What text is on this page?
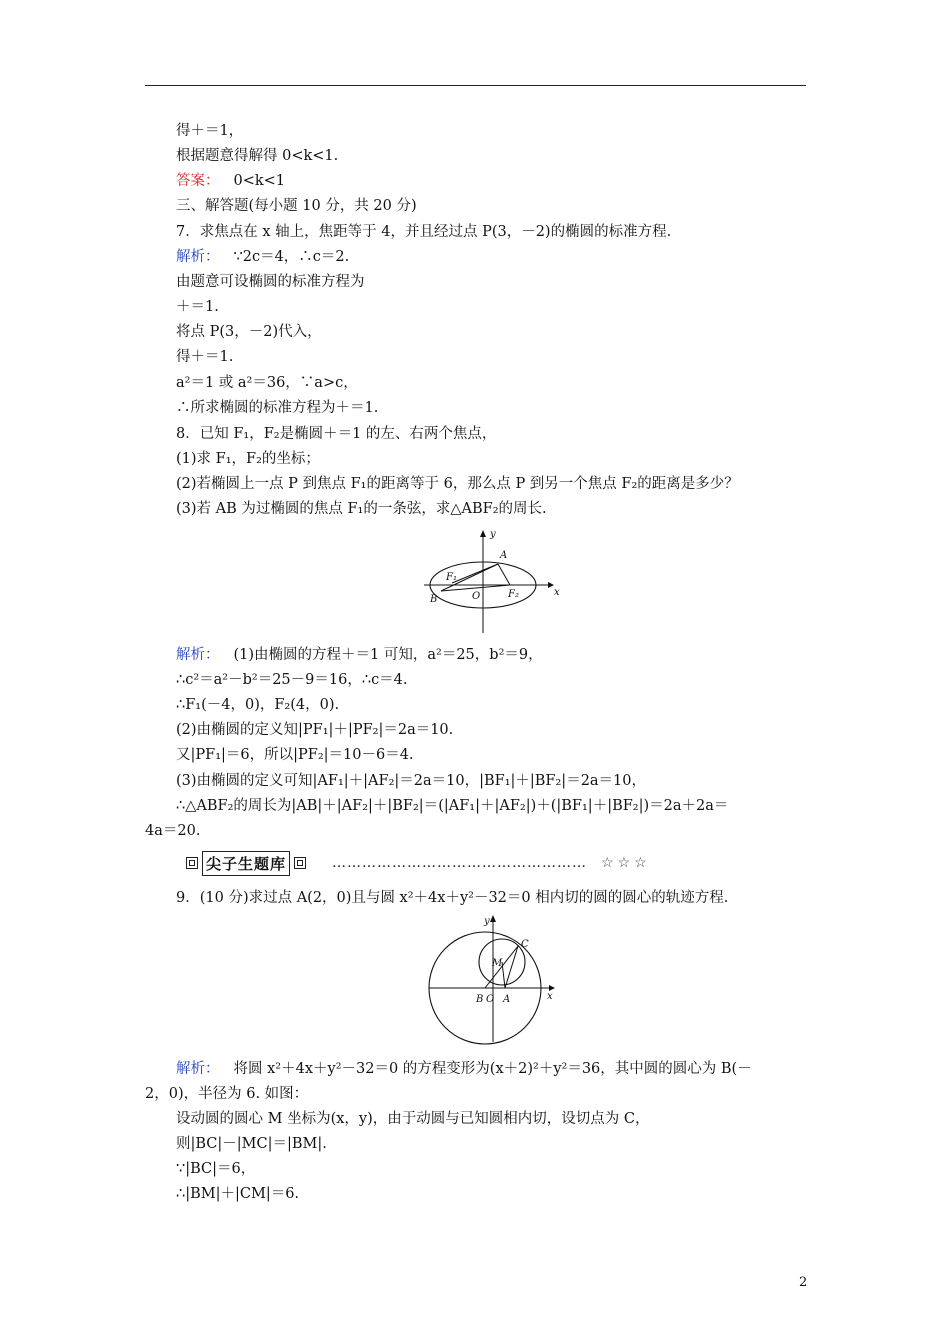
得＋＝1，
根据题意得解得 0<k<1.
答案： 0<k<1
三、解答题(每小题 10 分，共 20 分)
7．求焦点在 x 轴上，焦距等于 4，并且经过点 P(3，－2)的椭圆的标准方程.
解析： ∵2c＝4，∴c＝2.
由题意可设椭圆的标准方程为
＋＝1.
将点 P(3，－2)代入，
得＋＝1.
a²＝1 或 a²＝36，∵a>c，
∴所求椭圆的标准方程为＋＝1.
8．已知 F₁，F₂是椭圆＋＝1 的左、右两个焦点，
(1)求 F₁，F₂的坐标；
(2)若椭圆上一点 P 到焦点 F₁的距离等于 6，那么点 P 到另一个焦点 F₂的距离是多少？
(3)若 AB 为过椭圆的焦点 F₁的一条弦，求△ABF₂的周长.
y
x
A
B	O
F₁
F₂
解析： (1)由椭圆的方程＋＝1 可知，a²＝25，b²＝9，
∴c²＝a²－b²＝25－9＝16，∴c＝4.
∴F₁(－4，0)，F₂(4，0).
(2)由椭圆的定义知|PF₁|＋|PF₂|＝2a＝10.
又|PF₁|＝6，所以|PF₂|＝10－6＝4.
(3)由椭圆的定义可知|AF₁|＋|AF₂|＝2a＝10，|BF₁|＋|BF₂|＝2a＝10，
∴△ABF₂的周长为|AB|＋|AF₂|＋|BF₂|＝(|AF₁|＋|AF₂|)＋(|BF₁|＋|BF₂|)＝2a＋2a＝
4a＝20.
尖子生题库	…………………………………………… ☆☆☆
9．(10 分)求过点 A(2，0)且与圆 x²＋4x＋y²－32＝0 相内切的圆的圆心的轨迹方程.
y
x
C
M
B O A
解析： 将圆 x²＋4x＋y²－32＝0 的方程变形为(x＋2)²＋y²＝36，其中圆的圆心为 B(－
2，0)，半径为 6. 如图：
设动圆的圆心 M 坐标为(x，y)，由于动圆与已知圆相内切，设切点为 C，
则|BC|－|MC|＝|BM|.
∵|BC|＝6，
∴|BM|＋|CM|＝6.
2
